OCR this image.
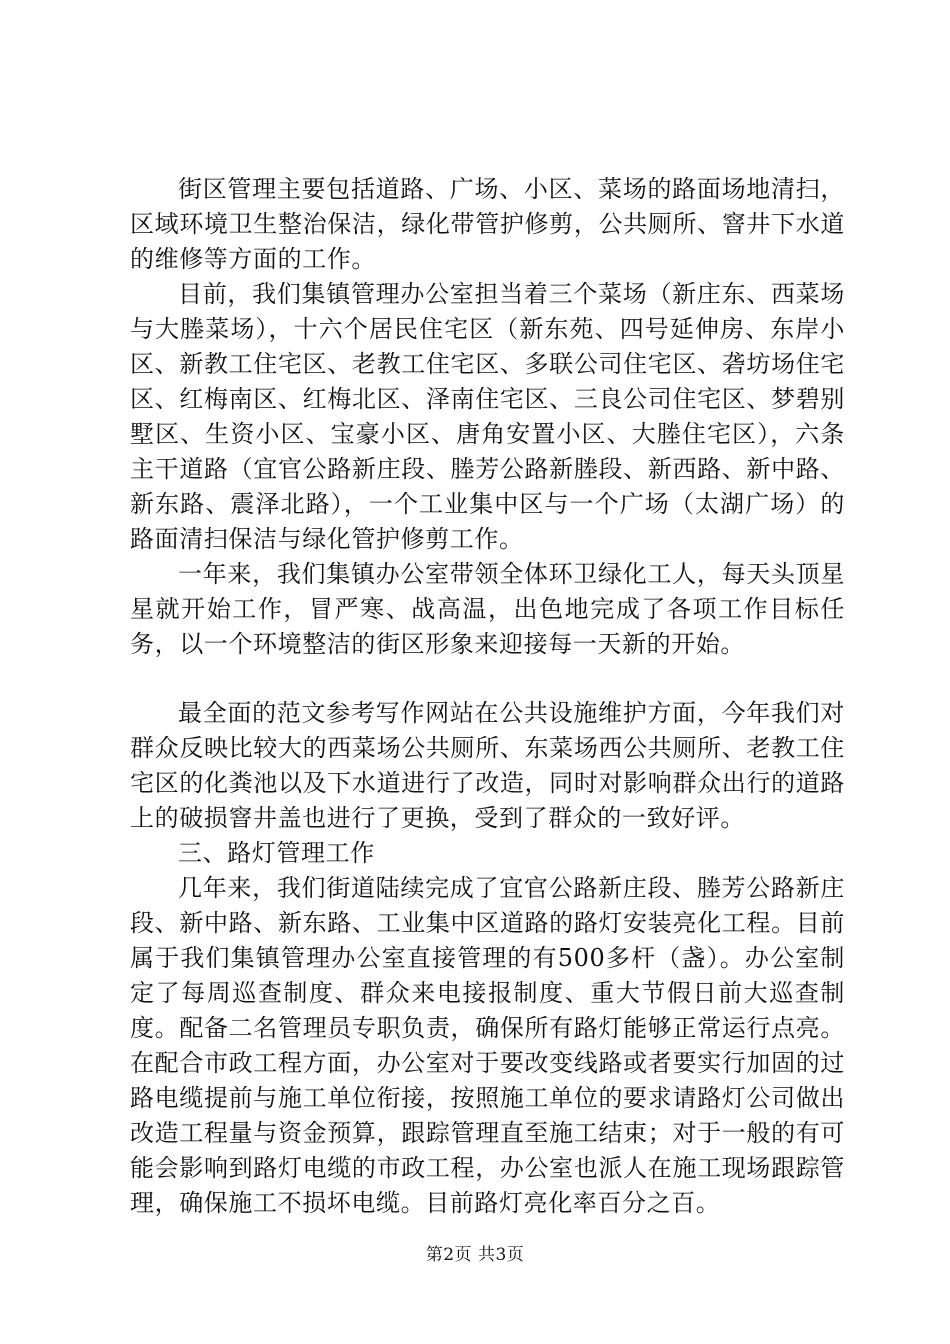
街区管理主要包括道路、广场、小区、菜场的路面场地清扫，区域环境卫生整治保洁，绿化带管护修剪，公共厕所、窨井下水道的维修等方面的工作。

目前，我们集镇管理办公室担当着三个菜场（新庄东、西菜场与大塍菜场），十六个居民住宅区（新东苑、四号延伸房、东岸小区、新教工住宅区、老教工住宅区、多联公司住宅区、砻坊场住宅区、红梅南区、红梅北区、泽南住宅区、三良公司住宅区、梦碧别墅区、生资小区、宝豪小区、唐角安置小区、大塍住宅区），六条主干道路（宜官公路新庄段、塍芳公路新塍段、新西路、新中路、新东路、震泽北路），一个工业集中区与一个广场（太湖广场）的路面清扫保洁与绿化管护修剪工作。

一年来，我们集镇办公室带领全体环卫绿化工人，每天头顶星星就开始工作，冒严寒、战高温，出色地完成了各项工作目标任务，以一个环境整洁的街区形象来迎接每一天新的开始。

最全面的范文参考写作网站在公共设施维护方面，今年我们对群众反映比较大的西菜场公共厕所、东菜场西公共厕所、老教工住宅区的化粪池以及下水道进行了改造，同时对影响群众出行的道路上的破损窨井盖也进行了更换，受到了群众的一致好评。

三、路灯管理工作

几年来，我们街道陆续完成了宜官公路新庄段、塍芳公路新庄段、新中路、新东路、工业集中区道路的路灯安装亮化工程。目前属于我们集镇管理办公室直接管理的有500多杆（盏）。办公室制定了每周巡查制度、群众来电接报制度、重大节假日前大巡查制度。配备二名管理员专职负责，确保所有路灯能够正常运行点亮。在配合市政工程方面，办公室对于要改变线路或者要实行加固的过路电缆提前与施工单位衔接，按照施工单位的要求请路灯公司做出改造工程量与资金预算，跟踪管理直至施工结束；对于一般的有可能会影响到路灯电缆的市政工程，办公室也派人在施工现场跟踪管理，确保施工不损坏电缆。目前路灯亮化率百分之百。

第2页 共3页
